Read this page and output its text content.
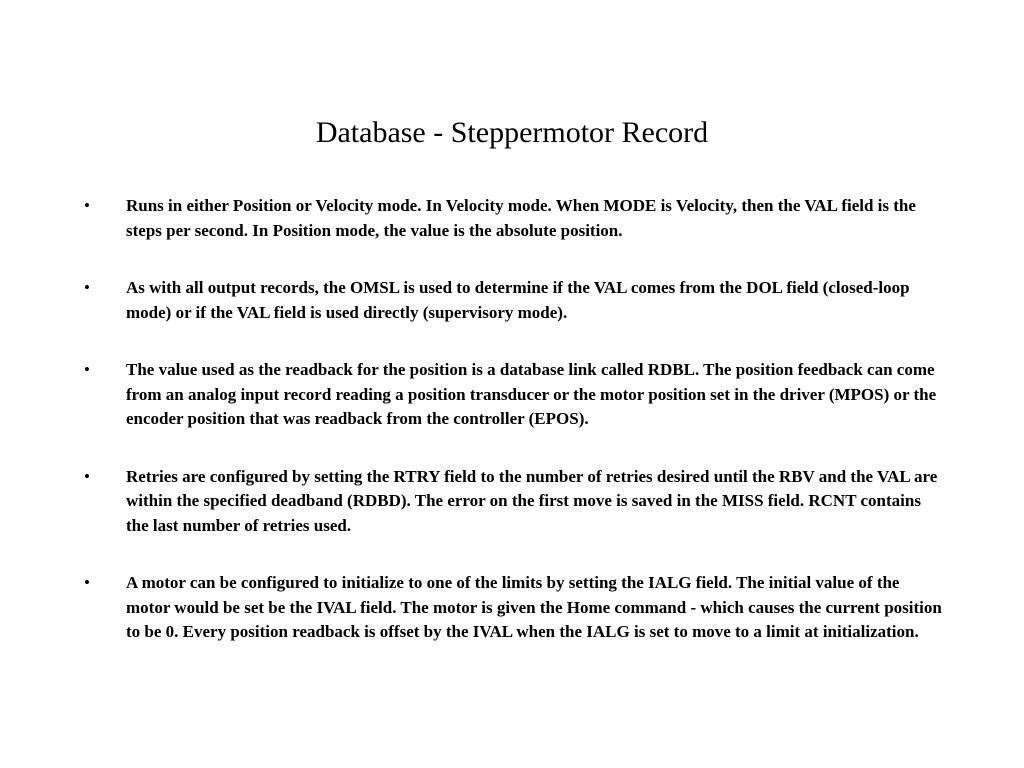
Database - Steppermotor Record
•	Runs in either Position or Velocity mode. In Velocity mode. When MODE is Velocity, then the VAL field is the steps per second. In Position mode, the value is the absolute position.
•	As with all output records, the OMSL is used to determine if the VAL comes from the DOL field (closed-loop mode) or if the VAL field is used directly (supervisory mode).
•	The value used as the readback for the position is a database link called RDBL. The position feedback can come from an analog input record reading a position transducer or the motor position set in the driver (MPOS) or the encoder position that was readback from the controller (EPOS).
•	Retries are configured by setting the RTRY field to the number of retries desired until the RBV and the VAL are within the specified deadband (RDBD). The error on the first move is saved in the MISS field. RCNT contains the last number of retries used.
•	A motor can be configured to initialize to one of the limits by setting the IALG field. The initial value of the motor would be set be the IVAL field. The motor is given the Home command - which causes the current position to be 0. Every position readback is offset by the IVAL when the IALG is set to move to a limit at initialization.
